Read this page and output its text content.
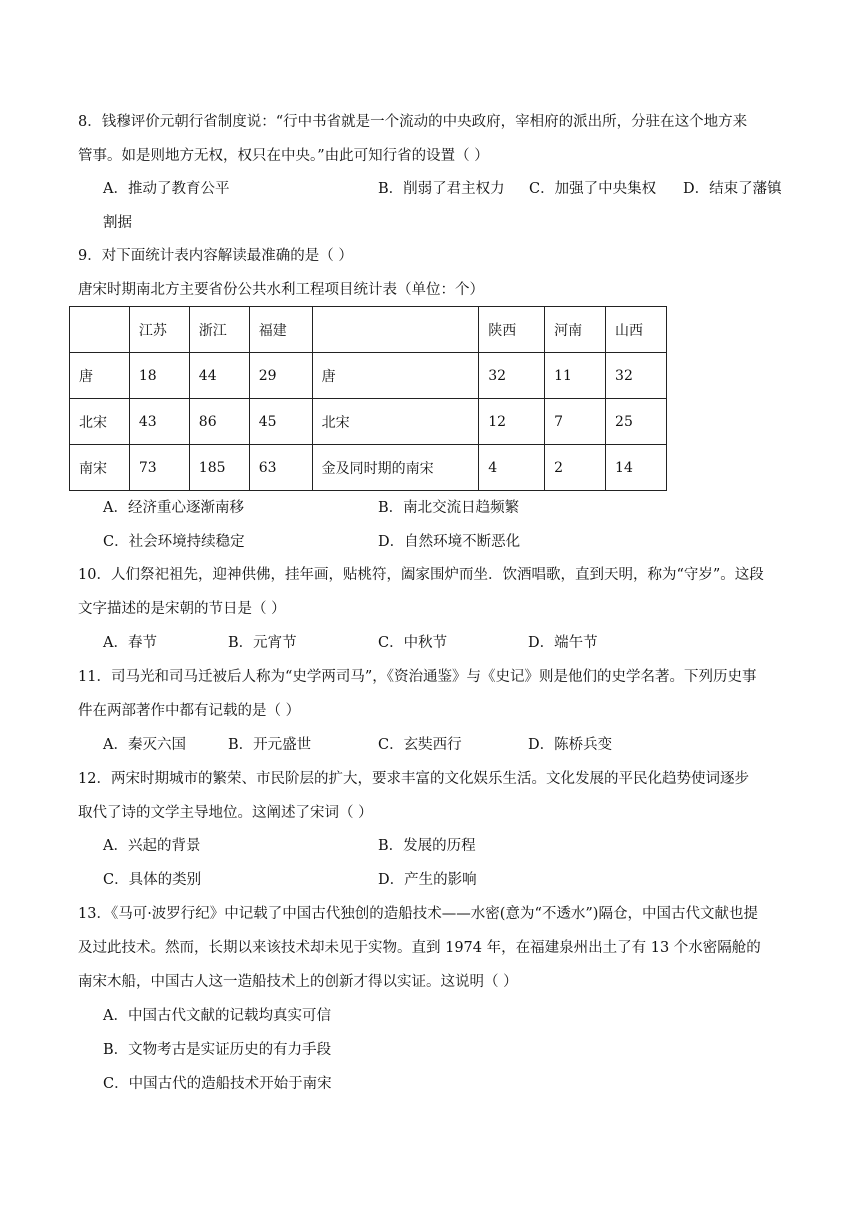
8．钱穆评价元朝行省制度说：“行中书省就是一个流动的中央政府，宰相府的派出所，分驻在这个地方来
管事。如是则地方无权，权只在中央。”由此可知行省的设置（ ）
A．推动了教育公平	B．削弱了君主权力 C．加强了中央集权 D．结束了藩镇
割据
9．对下面统计表内容解读最准确的是（ ）
唐宋时期南北方主要省份公共水利工程项目统计表（单位：个）
	江苏	浙江	福建		陕西	河南	山西
唐	18	44	29	唐	32	11	32
北宋	43	86	45	北宋	12	7	25
南宋	73	185	63	金及同时期的南宋	4	2	14
A．经济重心逐渐南移	B．南北交流日趋频繁
C．社会环境持续稳定	D．自然环境不断恶化
10．人们祭祀祖先，迎神供佛，挂年画，贴桃符，阖家围炉而坐．饮酒唱歌，直到天明，称为“守岁”。这段
文字描述的是宋朝的节日是（ ）
A．春节	B．元宵节	C．中秋节	D．端午节
11．司马光和司马迁被后人称为“史学两司马”，《资治通鉴》与《史记》则是他们的史学名著。下列历史事
件在两部著作中都有记载的是（ ）
A．秦灭六国	B．开元盛世	C．玄奘西行	D．陈桥兵变
12．两宋时期城市的繁荣、市民阶层的扩大，要求丰富的文化娱乐生活。文化发展的平民化趋势使词逐步
取代了诗的文学主导地位。这阐述了宋词（ ）
A．兴起的背景	B．发展的历程
C．具体的类别	D．产生的影响
13．《马可·波罗行纪》中记载了中国古代独创的造船技术——水密(意为“不透水”)隔仓，中国古代文献也提
及过此技术。然而，长期以来该技术却未见于实物。直到 1974 年，在福建泉州出土了有 13 个水密隔舱的
南宋木船，中国古人这一造船技术上的创新才得以实证。这说明（ ）
A．中国古代文献的记载均真实可信
B．文物考古是实证历史的有力手段
C．中国古代的造船技术开始于南宋
